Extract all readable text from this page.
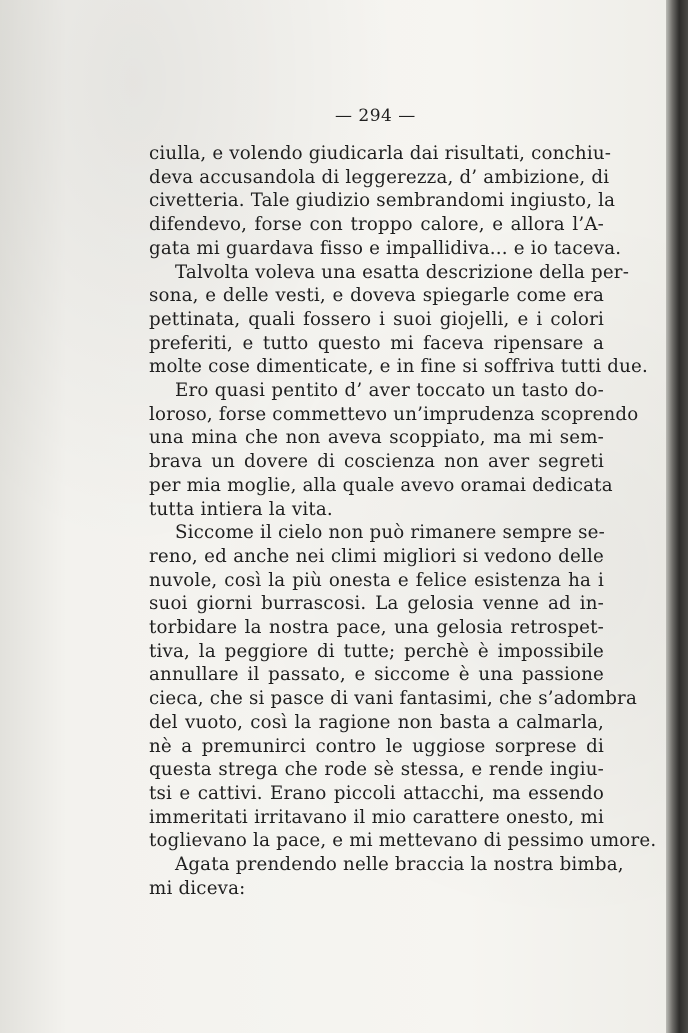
— 294 —
ciulla, e volendo giudicarla dai risultati, conchiu-
deva accusandola di leggerezza, d’ ambizione, di
civetteria. Tale giudizio sembrandomi ingiusto, la
difendevo, forse con troppo calore, e allora l’A-
gata mi guardava fisso e impallidiva... e io taceva.
Talvolta voleva una esatta descrizione della per-
sona, e delle vesti, e doveva spiegarle come era
pettinata, quali fossero i suoi giojelli, e i colori
preferiti, e tutto questo mi faceva ripensare a
molte cose dimenticate, e in fine si soffriva tutti due.
Ero quasi pentito d’ aver toccato un tasto do-
loroso, forse commettevo un’imprudenza scoprendo
una mina che non aveva scoppiato, ma mi sem-
brava un dovere di coscienza non aver segreti
per mia moglie, alla quale avevo oramai dedicata
tutta intiera la vita.
Siccome il cielo non può rimanere sempre se-
reno, ed anche nei climi migliori si vedono delle
nuvole, così la più onesta e felice esistenza ha i
suoi giorni burrascosi. La gelosia venne ad in-
torbidare la nostra pace, una gelosia retrospet-
tiva, la peggiore di tutte; perchè è impossibile
annullare il passato, e siccome è una passione
cieca, che si pasce di vani fantasimi, che s’adombra
del vuoto, così la ragione non basta a calmarla,
nè a premunirci contro le uggiose sorprese di
questa strega che rode sè stessa, e rende ingiu-
tsi e cattivi. Erano piccoli attacchi, ma essendo
immeritati irritavano il mio carattere onesto, mi
toglievano la pace, e mi mettevano di pessimo umore.
Agata prendendo nelle braccia la nostra bimba,
mi diceva:
